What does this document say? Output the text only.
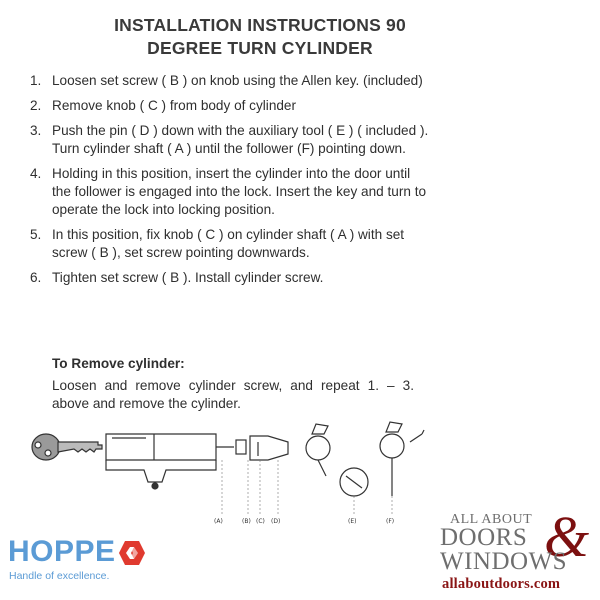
INSTALLATION INSTRUCTIONS 90
DEGREE TURN CYLINDER
1. Loosen set screw ( B ) on knob using the Allen key. (included)
2. Remove knob ( C ) from body of cylinder
3. Push the pin ( D ) down with the auxiliary tool ( E ) ( included ). Turn cylinder shaft ( A ) until the follower (F) pointing down.
4. Holding in this position, insert the cylinder into the door until the follower is engaged into the lock. Insert the key and turn to operate the lock into locking position.
5. In this position, fix knob ( C ) on cylinder shaft ( A ) with set screw ( B ), set screw pointing downwards.
6. Tighten set screw ( B ). Install cylinder screw.
To Remove cylinder:
Loosen and remove cylinder screw, and repeat 1. – 3. above and remove the cylinder.
(A)	(B) (C) (D)	(E)	(F)
HOPPE
Handle of excellence.
ALL ABOUT
DOORS &
WINDOWS
allaboutdoors.com
